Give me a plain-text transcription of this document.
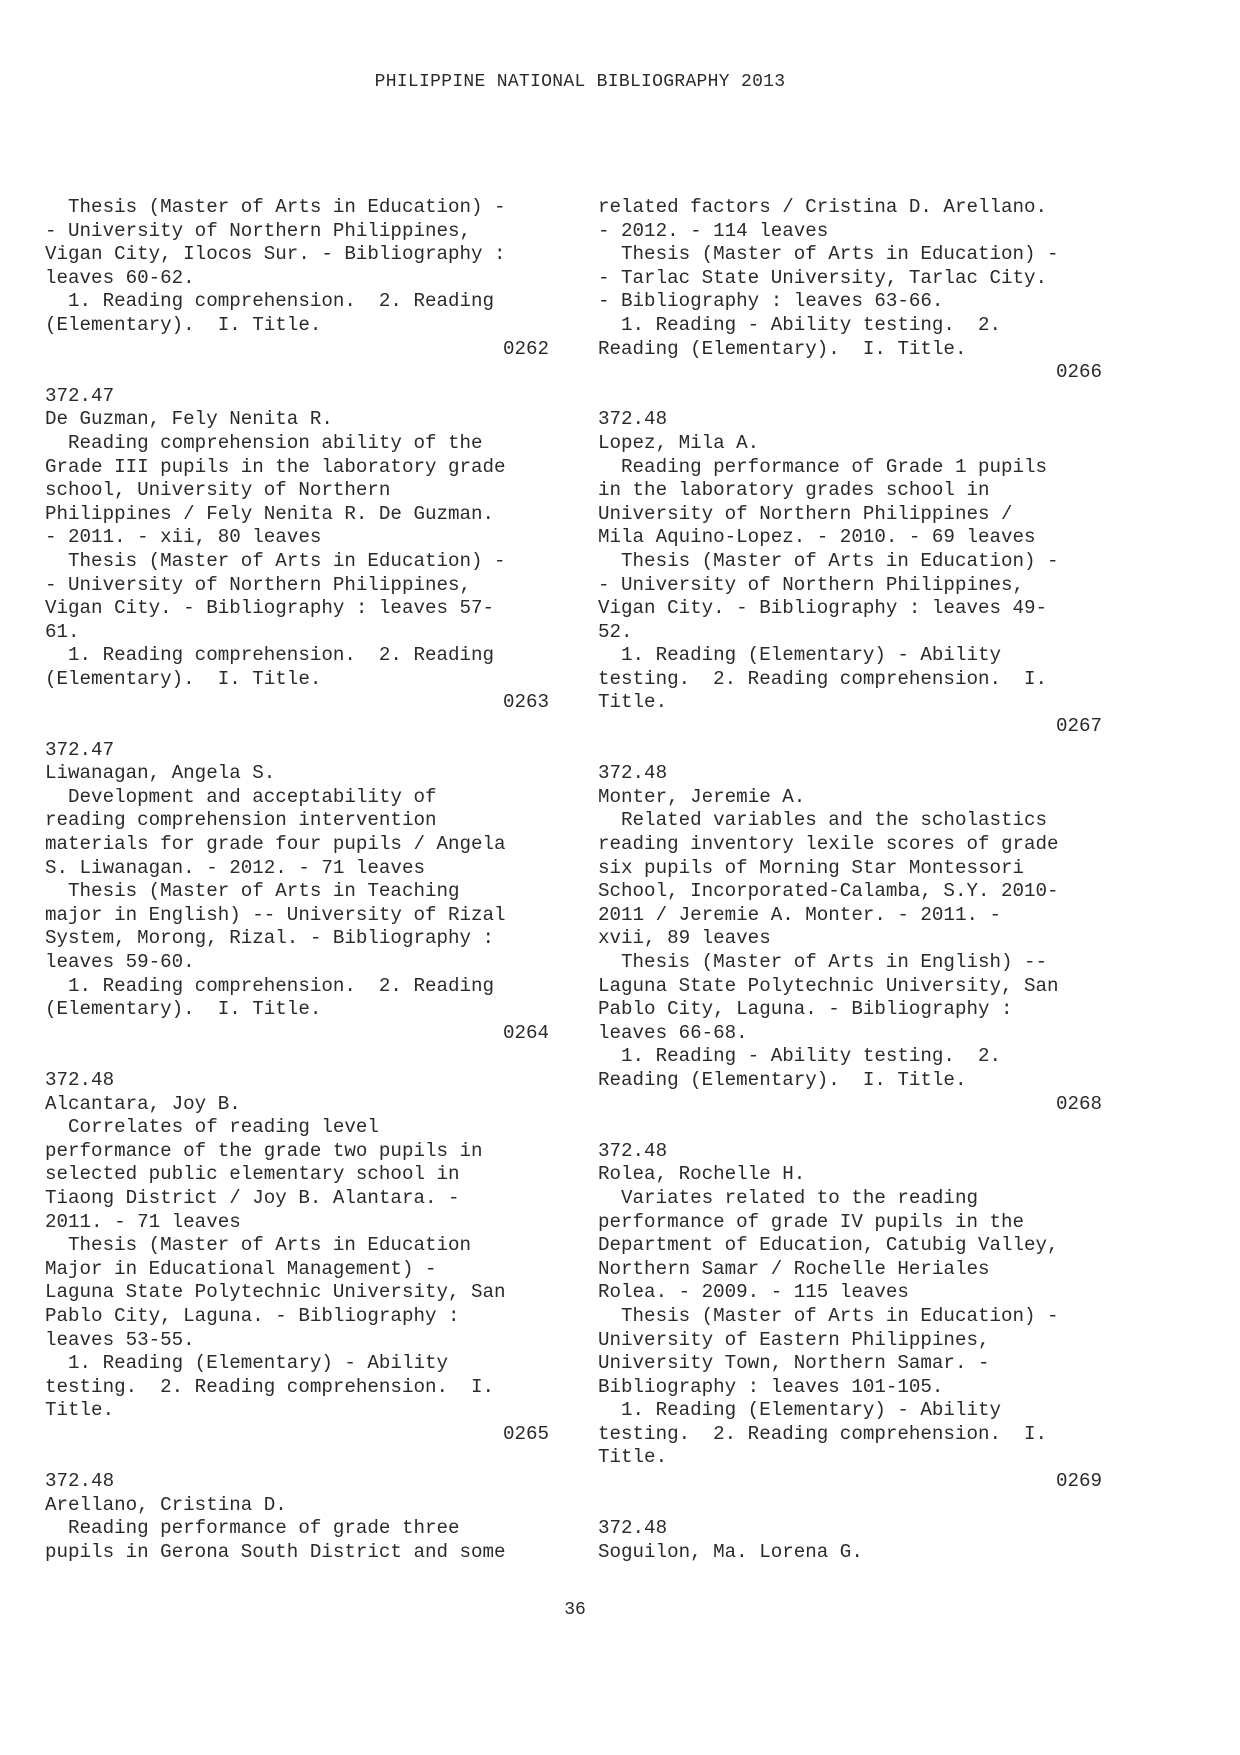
PHILIPPINE NATIONAL BIBLIOGRAPHY 2013
Thesis (Master of Arts in Education) -
- University of Northern Philippines,
Vigan City, Ilocos Sur. - Bibliography :
leaves 60-62.
1. Reading comprehension.  2. Reading
(Elementary).  I. Title.
0262
372.47
De Guzman, Fely Nenita R.
Reading comprehension ability of the
Grade III pupils in the laboratory grade
school, University of Northern
Philippines / Fely Nenita R. De Guzman.
- 2011. - xii, 80 leaves
Thesis (Master of Arts in Education) -
- University of Northern Philippines,
Vigan City. - Bibliography : leaves 57-
61.
1. Reading comprehension.  2. Reading
(Elementary).  I. Title.
0263
372.47
Liwanagan, Angela S.
Development and acceptability of
reading comprehension intervention
materials for grade four pupils / Angela
S. Liwanagan. - 2012. - 71 leaves
Thesis (Master of Arts in Teaching
major in English) -- University of Rizal
System, Morong, Rizal. - Bibliography :
leaves 59-60.
1. Reading comprehension.  2. Reading
(Elementary).  I. Title.
0264
372.48
Alcantara, Joy B.
Correlates of reading level
performance of the grade two pupils in
selected public elementary school in
Tiaong District / Joy B. Alantara. -
2011. - 71 leaves
Thesis (Master of Arts in Education
Major in Educational Management) -
Laguna State Polytechnic University, San
Pablo City, Laguna. - Bibliography :
leaves 53-55.
1. Reading (Elementary) - Ability
testing.  2. Reading comprehension.  I.
Title.
0265
372.48
Arellano, Cristina D.
Reading performance of grade three
pupils in Gerona South District and some
related factors / Cristina D. Arellano.
- 2012. - 114 leaves
Thesis (Master of Arts in Education) -
- Tarlac State University, Tarlac City.
- Bibliography : leaves 63-66.
1. Reading - Ability testing.  2.
Reading (Elementary).  I. Title.
0266
372.48
Lopez, Mila A.
Reading performance of Grade 1 pupils
in the laboratory grades school in
University of Northern Philippines /
Mila Aquino-Lopez. - 2010. - 69 leaves
Thesis (Master of Arts in Education) -
- University of Northern Philippines,
Vigan City. - Bibliography : leaves 49-
52.
1. Reading (Elementary) - Ability
testing.  2. Reading comprehension.  I.
Title.
0267
372.48
Monter, Jeremie A.
Related variables and the scholastics
reading inventory lexile scores of grade
six pupils of Morning Star Montessori
School, Incorporated-Calamba, S.Y. 2010-
2011 / Jeremie A. Monter. - 2011. -
xvii, 89 leaves
Thesis (Master of Arts in English) --
Laguna State Polytechnic University, San
Pablo City, Laguna. - Bibliography :
leaves 66-68.
1. Reading - Ability testing.  2.
Reading (Elementary).  I. Title.
0268
372.48
Rolea, Rochelle H.
Variates related to the reading
performance of grade IV pupils in the
Department of Education, Catubig Valley,
Northern Samar / Rochelle Heriales
Rolea. - 2009. - 115 leaves
Thesis (Master of Arts in Education) -
University of Eastern Philippines,
University Town, Northern Samar. -
Bibliography : leaves 101-105.
1. Reading (Elementary) - Ability
testing.  2. Reading comprehension.  I.
Title.
0269
372.48
Soguilon, Ma. Lorena G.
36
